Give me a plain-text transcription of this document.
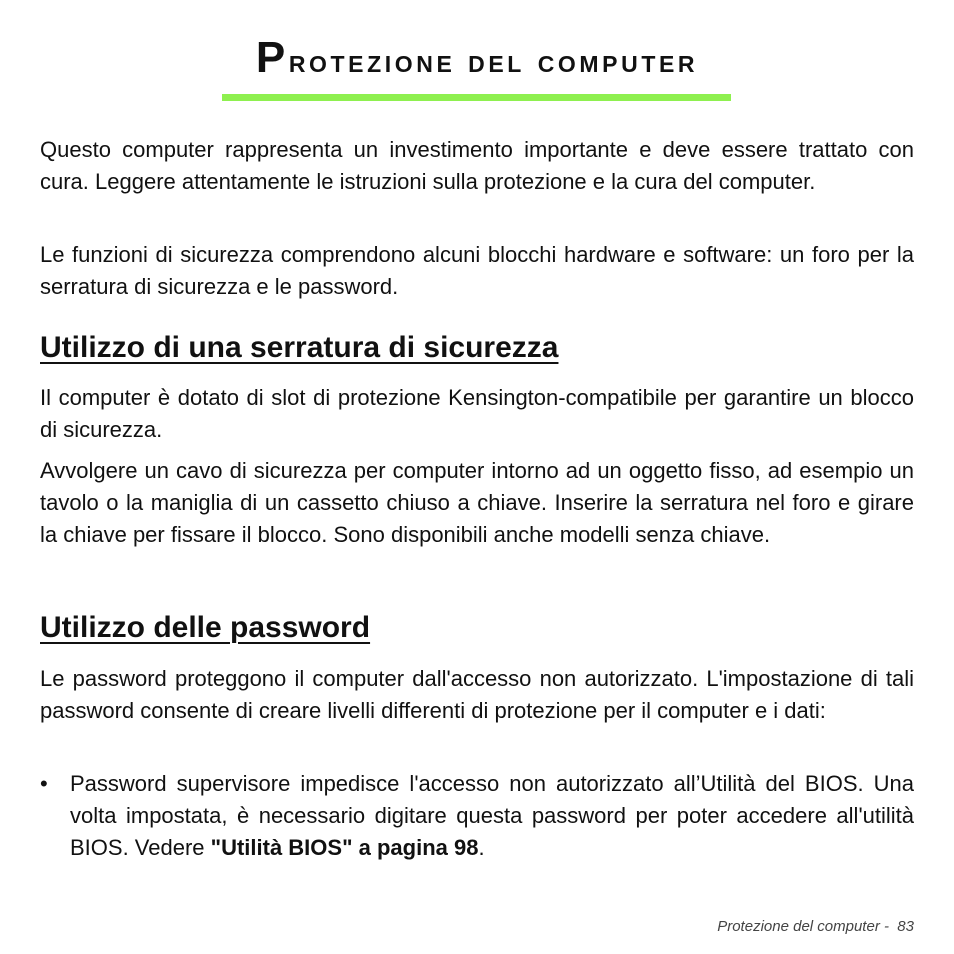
Protezione del computer

Questo computer rappresenta un investimento importante e deve essere trattato con cura. Leggere attentamente le istruzioni sulla protezione e la cura del computer.

Le funzioni di sicurezza comprendono alcuni blocchi hardware e software: un foro per la serratura di sicurezza e le password.

Utilizzo di una serratura di sicurezza

Il computer è dotato di slot di protezione Kensington-compatibile per garantire un blocco di sicurezza.

Avvolgere un cavo di sicurezza per computer intorno ad un oggetto fisso, ad esempio un tavolo o la maniglia di un cassetto chiuso a chiave. Inserire la serratura nel foro e girare la chiave per fissare il blocco. Sono disponibili anche modelli senza chiave.

Utilizzo delle password

Le password proteggono il computer dall'accesso non autorizzato. L'impostazione di tali password consente di creare livelli differenti di protezione per il computer e i dati:

•	Password supervisore impedisce l'accesso non autorizzato all’Utilità del BIOS. Una volta impostata, è necessario digitare questa password per poter accedere all'utilità BIOS. Vedere "Utilità BIOS" a pagina 98.
Protezione del computer -  83
